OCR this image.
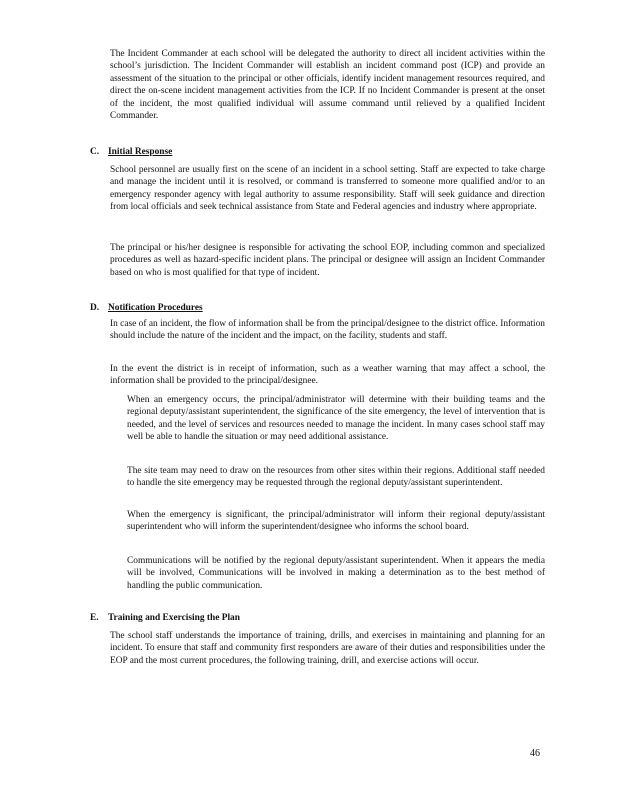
The Incident Commander at each school will be delegated the authority to direct all incident activities within the school’s jurisdiction. The Incident Commander will establish an incident command post (ICP) and provide an assessment of the situation to the principal or other officials, identify incident management resources required, and direct the on-scene incident management activities from the ICP. If no Incident Commander is present at the onset of the incident, the most qualified individual will assume command until relieved by a qualified Incident Commander.

C. Initial Response

School personnel are usually first on the scene of an incident in a school setting. Staff are expected to take charge and manage the incident until it is resolved, or command is transferred to someone more qualified and/or to an emergency responder agency with legal authority to assume responsibility. Staff will seek guidance and direction from local officials and seek technical assistance from State and Federal agencies and industry where appropriate.

The principal or his/her designee is responsible for activating the school EOP, including common and specialized procedures as well as hazard-specific incident plans. The principal or designee will assign an Incident Commander based on who is most qualified for that type of incident.

D. Notification Procedures

In case of an incident, the flow of information shall be from the principal/designee to the district office. Information should include the nature of the incident and the impact, on the facility, students and staff.

In the event the district is in receipt of information, such as a weather warning that may affect a school, the information shall be provided to the principal/designee.

When an emergency occurs, the principal/administrator will determine with their building teams and the regional deputy/assistant superintendent, the significance of the site emergency, the level of intervention that is needed, and the level of services and resources needed to manage the incident. In many cases school staff may well be able to handle the situation or may need additional assistance.
The site team may need to draw on the resources from other sites within their regions. Additional staff needed to handle the site emergency may be requested through the regional deputy/assistant superintendent.
When the emergency is significant, the principal/administrator will inform their regional deputy/assistant superintendent who will inform the superintendent/designee who informs the school board.
Communications will be notified by the regional deputy/assistant superintendent. When it appears the media will be involved, Communications will be involved in making a determination as to the best method of handling the public communication.
E. Training and Exercising the Plan

The school staff understands the importance of training, drills, and exercises in maintaining and planning for an incident. To ensure that staff and community first responders are aware of their duties and responsibilities under the EOP and the most current procedures, the following training, drill, and exercise actions will occur.

46
